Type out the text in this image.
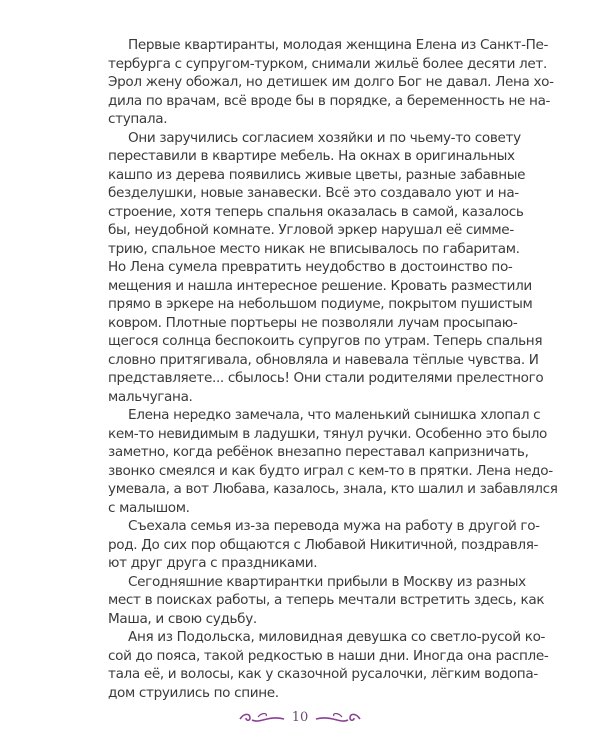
Первые квартиранты, молодая женщина Елена из Санкт-Пе-
тербурга с супругом-турком, снимали жильё более десяти лет.
Эрол жену обожал, но детишек им долго Бог не давал. Лена хо-
дила по врачам, всё вроде бы в порядке, а беременность не на-
ступала.
Они заручились согласием хозяйки и по чьему-то совету
переставили в квартире мебель. На окнах в оригинальных
кашпо из дерева появились живые цветы, разные забавные
безделушки, новые занавески. Всё это создавало уют и на-
строение, хотя теперь спальня оказалась в самой, казалось
бы, неудобной комнате. Угловой эркер нарушал её симме-
трию, спальное место никак не вписывалось по габаритам.
Но Лена сумела превратить неудобство в достоинство по-
мещения и нашла интересное решение. Кровать разместили
прямо в эркере на небольшом подиуме, покрытом пушистым
ковром. Плотные портьеры не позволяли лучам просыпаю-
щегося солнца беспокоить супругов по утрам. Теперь спальня
словно притягивала, обновляла и навевала тёплые чувства. И
представляете... сбылось! Они стали родителями прелестного
мальчугана.
Елена нередко замечала, что маленький сынишка хлопал с
кем-то невидимым в ладушки, тянул ручки. Особенно это было
заметно, когда ребёнок внезапно переставал капризничать,
звонко смеялся и как будто играл с кем-то в прятки. Лена недо-
умевала, а вот Любава, казалось, знала, кто шалил и забавлялся
с малышом.
Съехала семья из-за перевода мужа на работу в другой го-
род. До сих пор общаются с Любавой Никитичной, поздравля-
ют друг друга с праздниками.
Сегодняшние квартирантки прибыли в Москву из разных
мест в поисках работы, а теперь мечтали встретить здесь, как
Маша, и свою судьбу.
Аня из Подольска, миловидная девушка со светло-русой ко-
сой до пояса, такой редкостью в наши дни. Иногда она распле-
тала её, и волосы, как у сказочной русалочки, лёгким водопа-
дом струились по спине.
10
